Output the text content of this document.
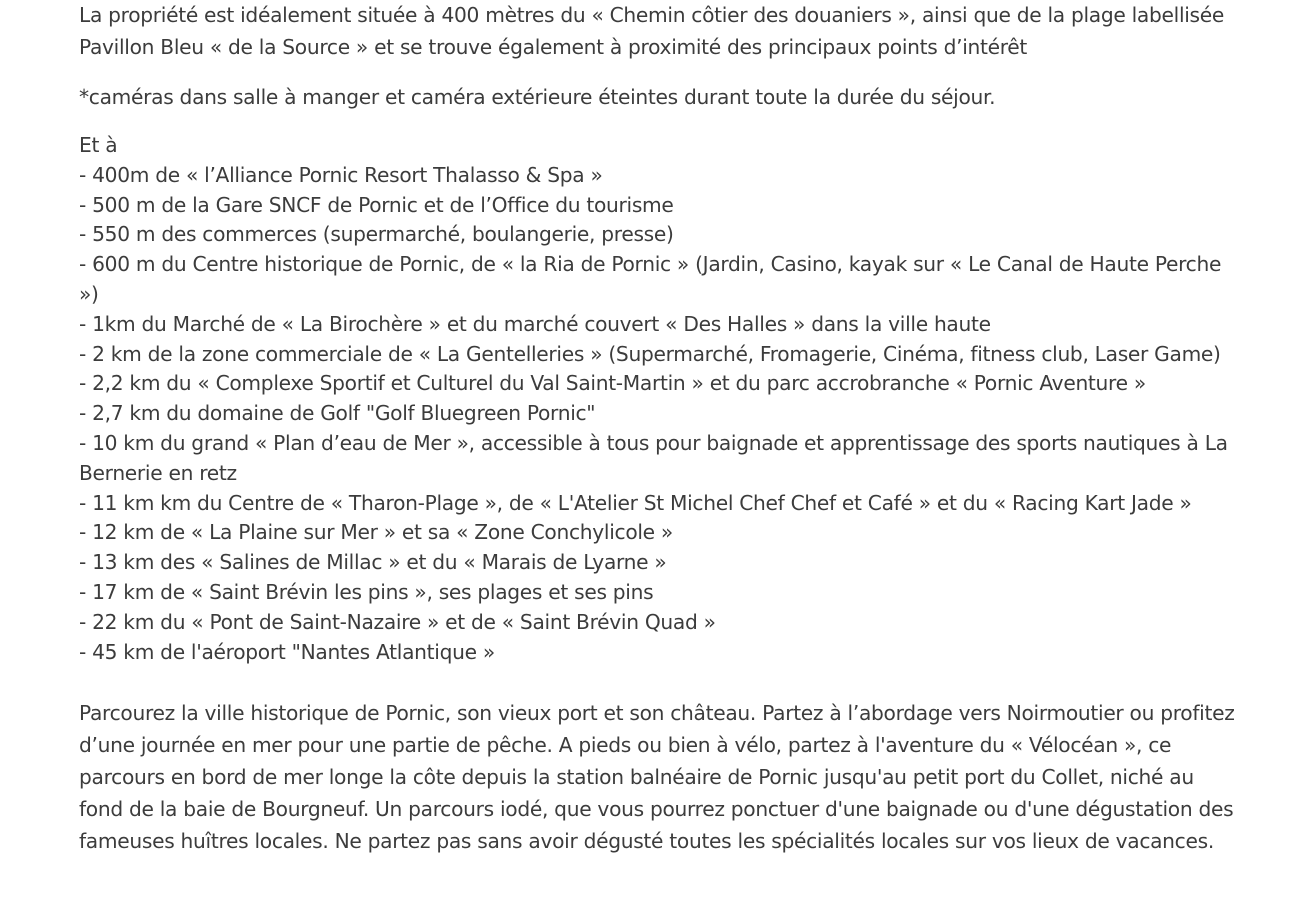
La propriété est idéalement située à 400 mètres du « Chemin côtier des douaniers », ainsi que de la plage labellisée Pavillon Bleu « de la Source » et se trouve également à proximité des principaux points d’intérêt

*caméras dans salle à manger et caméra extérieure éteintes durant toute la durée du séjour.

Et à
- 400m de « l’Alliance Pornic Resort Thalasso & Spa »
- 500 m de la Gare SNCF de Pornic et de l’Office du tourisme
- 550 m des commerces (supermarché, boulangerie, presse)
- 600 m du Centre historique de Pornic, de « la Ria de Pornic » (Jardin, Casino, kayak sur « Le Canal de Haute Perche »)
- 1km du Marché de « La Birochère » et du marché couvert « Des Halles » dans la ville haute
- 2 km de la zone commerciale de « La Gentelleries » (Supermarché, Fromagerie, Cinéma, fitness club, Laser Game)
- 2,2 km du « Complexe Sportif et Culturel du Val Saint-Martin » et du parc accrobranche « Pornic Aventure »
- 2,7 km du domaine de Golf "Golf Bluegreen Pornic"
- 10 km du grand « Plan d’eau de Mer », accessible à tous pour baignade et apprentissage des sports nautiques à La Bernerie en retz
- 11 km km du Centre de « Tharon-Plage », de « L'Atelier St Michel Chef Chef et Café » et du « Racing Kart Jade »
- 12 km de « La Plaine sur Mer » et sa « Zone Conchylicole »
- 13 km des « Salines de Millac » et du « Marais de Lyarne »
- 17 km de « Saint Brévin les pins », ses plages et ses pins
- 22 km du « Pont de Saint-Nazaire » et de « Saint Brévin Quad »
- 45 km de l'aéroport "Nantes Atlantique »

Parcourez la ville historique de Pornic, son vieux port et son château. Partez à l’abordage vers Noirmoutier ou profitez d’une journée en mer pour une partie de pêche. A pieds ou bien à vélo, partez à l'aventure du « Vélocéan », ce parcours en bord de mer longe la côte depuis la station balnéaire de Pornic jusqu'au petit port du Collet, niché au fond de la baie de Bourgneuf. Un parcours iodé, que vous pourrez ponctuer d'une baignade ou d'une dégustation des fameuses huîtres locales. Ne partez pas sans avoir dégusté toutes les spécialités locales sur vos lieux de vacances.
